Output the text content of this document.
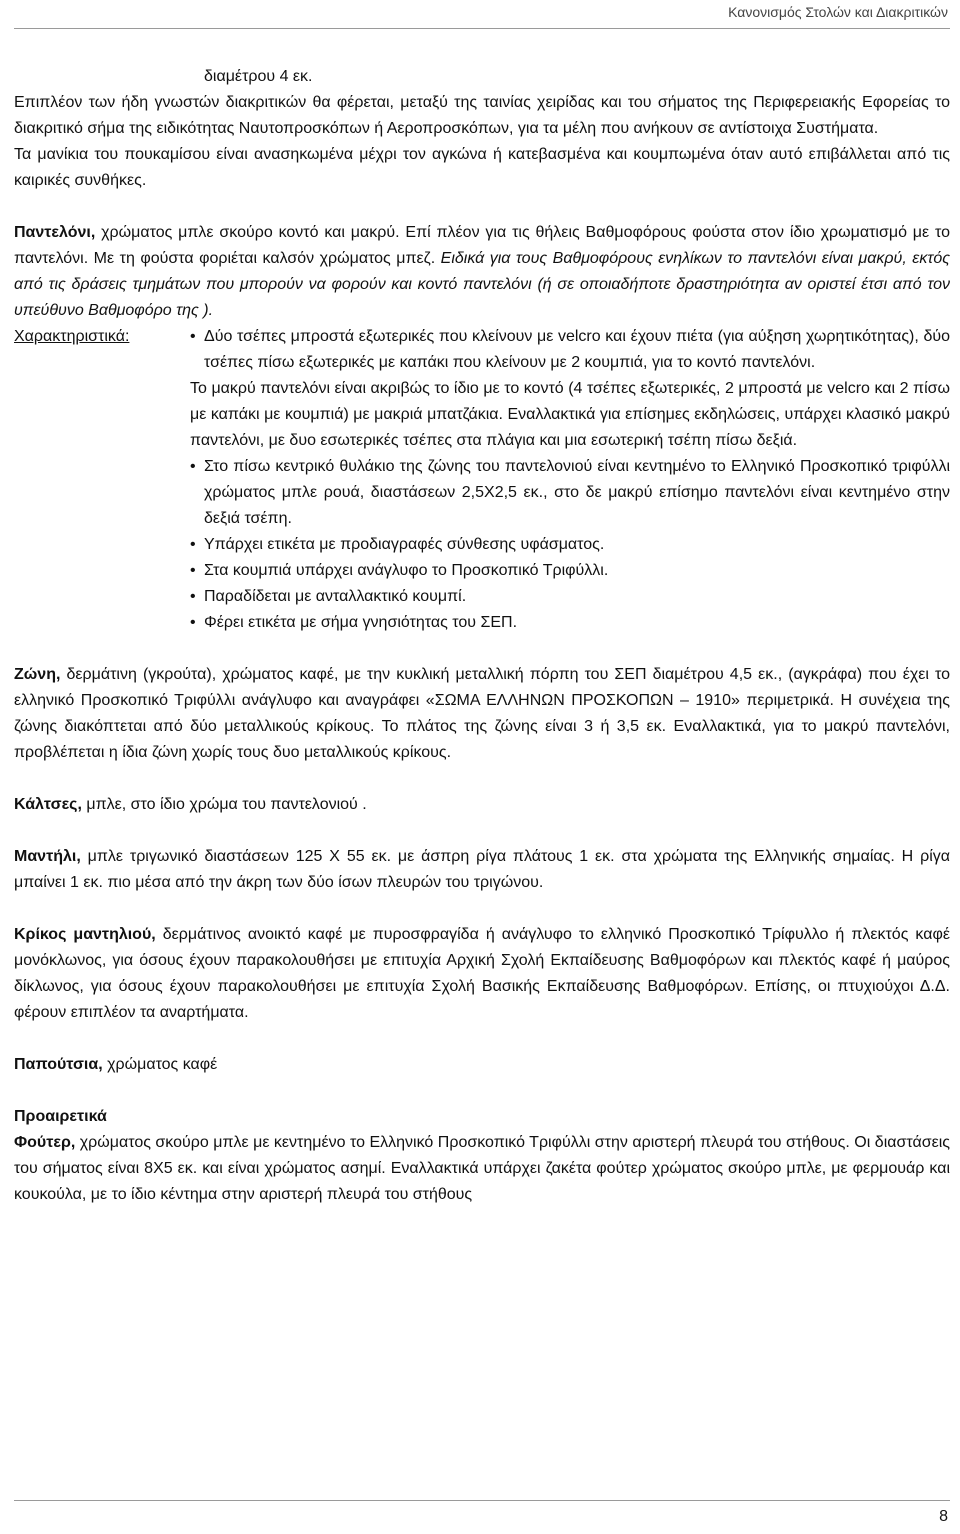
Κανονισμός Στολών και Διακριτικών

διαμέτρου 4 εκ.

Επιπλέον των ήδη γνωστών διακριτικών θα φέρεται, μεταξύ της ταινίας χειρίδας και του σήματος της Περιφερειακής Εφορείας το διακριτικό σήμα της ειδικότητας Ναυτοπροσκόπων ή Αεροπροσκόπων, για τα μέλη που ανήκουν σε αντίστοιχα Συστήματα.

Τα μανίκια του πουκαμίσου είναι ανασηκωμένα μέχρι τον αγκώνα ή κατεβασμένα και κουμπωμένα όταν αυτό επιβάλλεται από τις καιρικές συνθήκες.

Παντελόνι, χρώματος μπλε σκούρο κοντό και μακρύ. Επί πλέον για τις θήλεις Βαθμοφόρους φούστα στον ίδιο χρωματισμό με το παντελόνι. Με τη φούστα φοριέται καλσόν χρώματος μπεζ. Ειδικά για τους Βαθμοφόρους ενηλίκων το παντελόνι είναι μακρύ, εκτός από τις δράσεις τμημάτων που μπορούν να φορούν και κοντό παντελόνι (ή σε οποιαδήποτε δραστηριότητα αν οριστεί έτσι από τον υπεύθυνο Βαθμοφόρο της ).

Χαρακτηριστικά:	• Δύο τσέπες μπροστά εξωτερικές που κλείνουν με velcro και έχουν πιέτα (για αύξηση χωρητικότητας), δύο τσέπες πίσω εξωτερικές με καπάκι που κλείνουν με 2 κουμπιά, για το κοντό παντελόνι.
Το μακρύ παντελόνι είναι ακριβώς το ίδιο με το κοντό (4 τσέπες εξωτερικές, 2 μπροστά με velcro και 2 πίσω με καπάκι με κουμπιά) με μακριά μπατζάκια. Εναλλακτικά για επίσημες εκδηλώσεις, υπάρχει κλασικό μακρύ παντελόνι, με δυο εσωτερικές τσέπες στα πλάγια και μια εσωτερική τσέπη πίσω δεξιά.
• Στο πίσω κεντρικό θυλάκιο της ζώνης του παντελονιού είναι κεντημένο το Ελληνικό Προσκοπικό τριφύλλι χρώματος μπλε ρουά, διαστάσεων 2,5Χ2,5 εκ., στο δε μακρύ επίσημο παντελόνι είναι κεντημένο στην δεξιά τσέπη.
• Υπάρχει ετικέτα με προδιαγραφές σύνθεσης υφάσματος.
• Στα κουμπιά υπάρχει ανάγλυφο το Προσκοπικό Τριφύλλι.
• Παραδίδεται με ανταλλακτικό κουμπί.
• Φέρει ετικέτα με σήμα γνησιότητας του ΣΕΠ.

Ζώνη, δερμάτινη (γκρούτα), χρώματος καφέ, με την κυκλική μεταλλική πόρπη του ΣΕΠ διαμέτρου 4,5 εκ., (αγκράφα) που έχει το ελληνικό Προσκοπικό Τριφύλλι ανάγλυφο και αναγράφει «ΣΩΜΑ ΕΛΛΗΝΩΝ ΠΡΟΣΚΟΠΩΝ – 1910» περιμετρικά. Η συνέχεια της ζώνης διακόπτεται από δύο μεταλλικούς κρίκους. Το πλάτος της ζώνης είναι 3 ή 3,5 εκ. Εναλλακτικά, για το μακρύ παντελόνι, προβλέπεται η ίδια ζώνη χωρίς τους δυο μεταλλικούς κρίκους.

Κάλτσες, μπλε, στο ίδιο χρώμα του παντελονιού .

Μαντήλι, μπλε τριγωνικό διαστάσεων 125 Χ 55 εκ. με άσπρη ρίγα πλάτους 1 εκ. στα χρώματα της Ελληνικής σημαίας. Η ρίγα μπαίνει 1 εκ. πιο μέσα από την άκρη των δύο ίσων πλευρών του τριγώνου.

Κρίκος μαντηλιού, δερμάτινος ανοικτό καφέ με πυροσφραγίδα ή ανάγλυφο το ελληνικό Προσκοπικό Τρίφυλλο ή πλεκτός καφέ μονόκλωνος, για όσους έχουν παρακολουθήσει με επιτυχία Αρχική Σχολή Εκπαίδευσης Βαθμοφόρων και πλεκτός καφέ ή μαύρος δίκλωνος, για όσους έχουν παρακολουθήσει με επιτυχία Σχολή Βασικής Εκπαίδευσης Βαθμοφόρων. Επίσης, οι πτυχιούχοι Δ.Δ. φέρουν επιπλέον τα αναρτήματα.

Παπούτσια, χρώματος καφέ

Προαιρετικά

Φούτερ, χρώματος σκούρο μπλε με κεντημένο το Ελληνικό Προσκοπικό Τριφύλλι στην αριστερή πλευρά του στήθους. Οι διαστάσεις του σήματος είναι 8Χ5 εκ. και είναι χρώματος ασημί. Εναλλακτικά υπάρχει ζακέτα φούτερ χρώματος σκούρο μπλε, με φερμουάρ και κουκούλα, με το ίδιο κέντημα στην αριστερή πλευρά του στήθους

8
